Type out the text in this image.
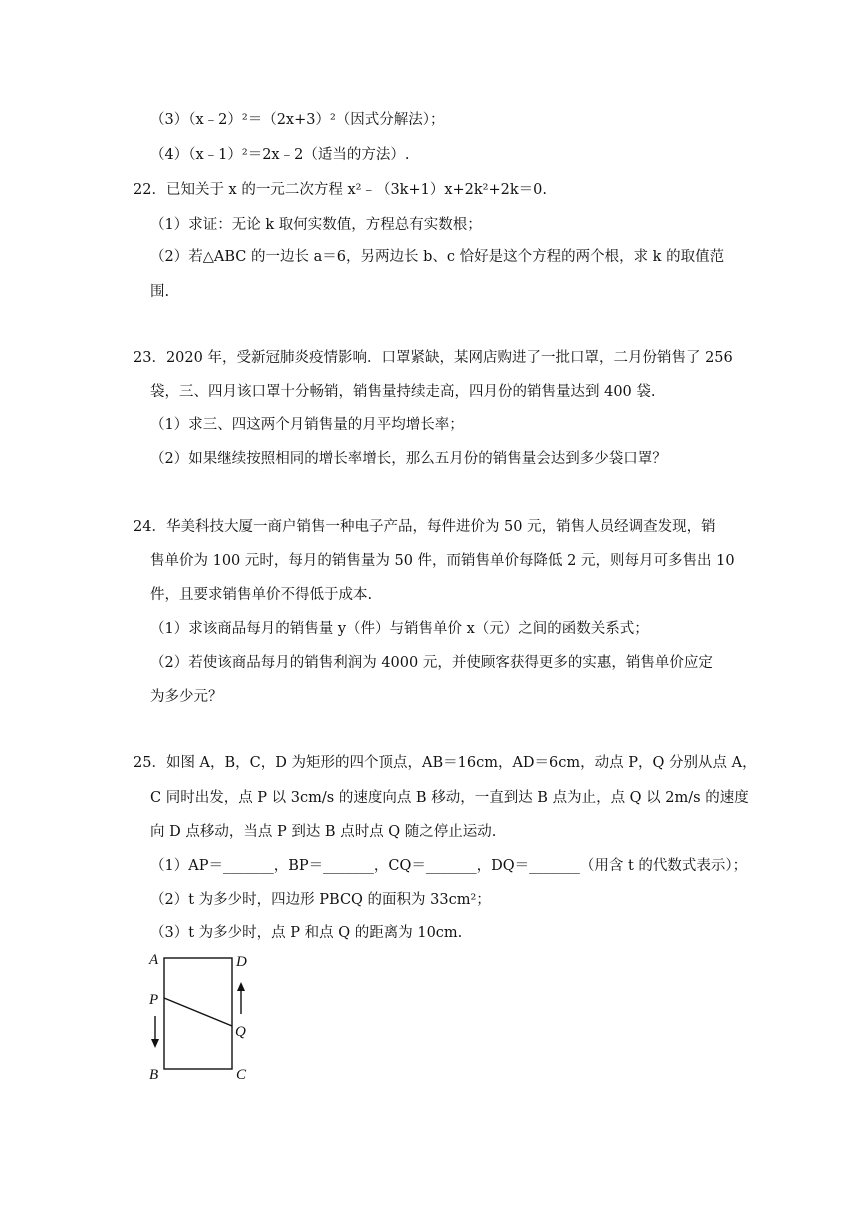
（3）（x﹣2）²＝（2x+3）²（因式分解法）；
（4）（x﹣1）²＝2x﹣2（适当的方法）.
22．已知关于 x 的一元二次方程 x²﹣（3k+1）x+2k²+2k＝0.
（1）求证：无论 k 取何实数值，方程总有实数根；
（2）若△ABC 的一边长 a＝6，另两边长 b、c 恰好是这个方程的两个根，求 k 的取值范
围.
23．2020 年，受新冠肺炎疫情影响．口罩紧缺，某网店购进了一批口罩，二月份销售了 256
袋，三、四月该口罩十分畅销，销售量持续走高，四月份的销售量达到 400 袋.
（1）求三、四这两个月销售量的月平均增长率；
（2）如果继续按照相同的增长率增长，那么五月份的销售量会达到多少袋口罩？
24．华美科技大厦一商户销售一种电子产品，每件进价为 50 元，销售人员经调查发现，销
售单价为 100 元时，每月的销售量为 50 件，而销售单价每降低 2 元，则每月可多售出 10
件，且要求销售单价不得低于成本.
（1）求该商品每月的销售量 y（件）与销售单价 x（元）之间的函数关系式；
（2）若使该商品每月的销售利润为 4000 元，并使顾客获得更多的实惠，销售单价应定
为多少元？
25．如图 A，B，C，D 为矩形的四个顶点，AB＝16cm，AD＝6cm，动点 P，Q 分别从点 A，
C 同时出发，点 P 以 3cm/s 的速度向点 B 移动，一直到达 B 点为止，点 Q 以 2m/s 的速度
向 D 点移动，当点 P 到达 B 点时点 Q 随之停止运动.
（1）AP＝_______，BP＝_______，CQ＝_______，DQ＝_______（用含 t 的代数式表示）；
（2）t 为多少时，四边形 PBCQ 的面积为 33cm²；
（3）t 为多少时，点 P 和点 Q 的距离为 10cm.
A	D
P
Q
B	C
